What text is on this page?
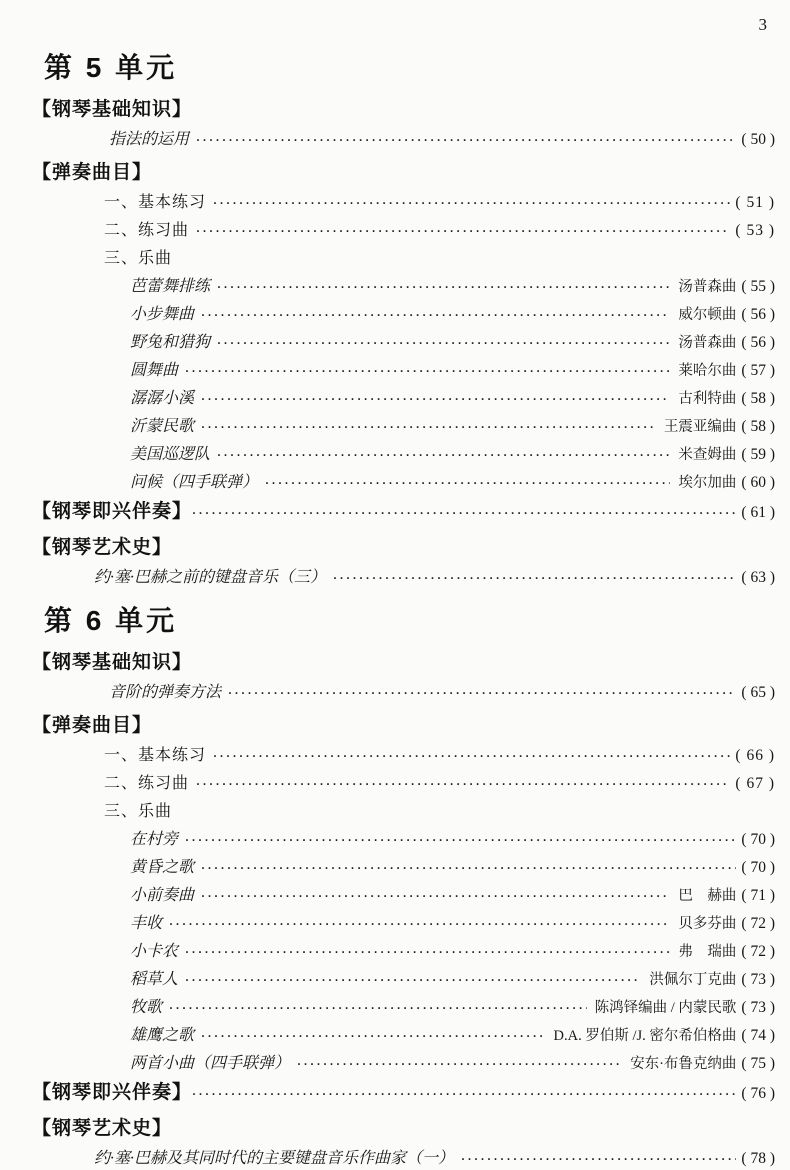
3
第 5 单元
【钢琴基础知识】
指法的运用 ·····	( 50 )
【弹奏曲目】
一、基本练习 ·····	( 51 )
二、练习曲 ·····	( 53 )
三、乐曲
芭蕾舞排练 ·····	汤普森曲 ( 55 )
小步舞曲 ·····	威尔顿曲 ( 56 )
野兔和猎狗 ·····	汤普森曲 ( 56 )
圆舞曲 ·····	莱哈尔曲 ( 57 )
潺潺小溪 ·····	古利特曲 ( 58 )
沂蒙民歌 ·····	王震亚编曲 ( 58 )
美国巡逻队 ·····	米查姆曲 ( 59 )
问候（四手联弹） ·····	埃尔加曲 ( 60 )
【钢琴即兴伴奏】 ·····	( 61 )
【钢琴艺术史】
约·塞·巴赫之前的键盘音乐（三） ·····	( 63 )
第 6 单元
【钢琴基础知识】
音阶的弹奏方法 ·····	( 65 )
【弹奏曲目】
一、基本练习 ·····	( 66 )
二、练习曲 ·····	( 67 )
三、乐曲
在村旁 ·····	( 70 )
黄昏之歌 ·····	( 70 )
小前奏曲 ·····	巴　赫曲 ( 71 )
丰收 ·····	贝多芬曲 ( 72 )
小卡农 ·····	弗　瑞曲 ( 72 )
稻草人 ·····	洪佩尔丁克曲 ( 73 )
牧歌 ·····	陈鸿铎编曲 / 内蒙民歌 ( 73 )
雄鹰之歌 ·····	D.A. 罗伯斯 /J. 密尔希伯格曲 ( 74 )
两首小曲（四手联弹） ·····	安东·布鲁克纳曲 ( 75 )
【钢琴即兴伴奏】 ·····	( 76 )
【钢琴艺术史】
约·塞·巴赫及其同时代的主要键盘音乐作曲家（一） ·····	( 78 )
